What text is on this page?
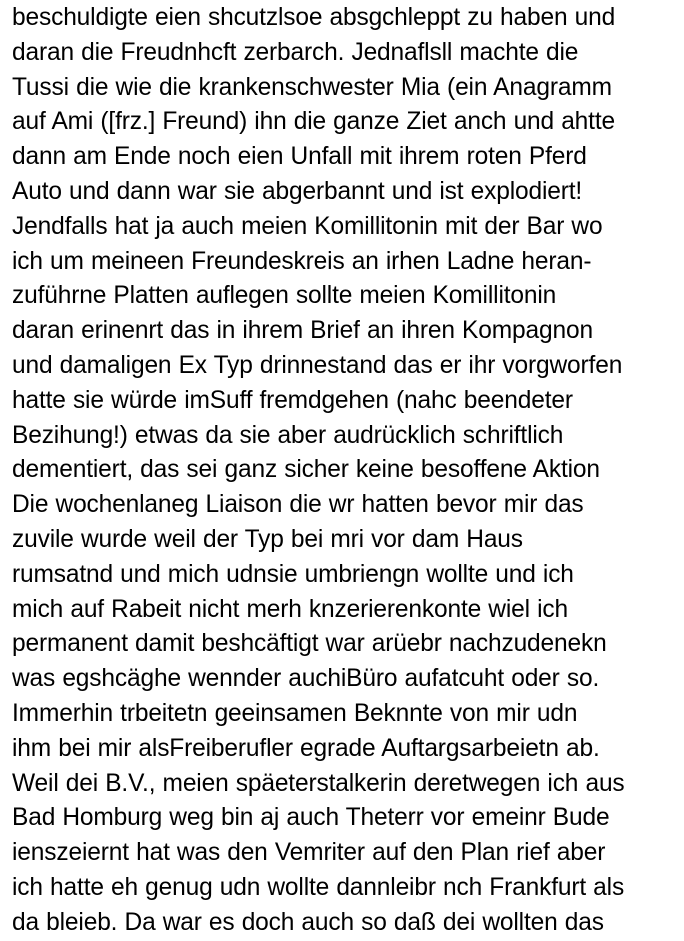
beschuldigte eien shcutzlsoe absgchleppt zu haben und
daran die Freudnhcft zerbarch. Jednaflsll machte die
Tussi die wie die krankenschwester Mia (ein Anagramm
auf Ami ([frz.] Freund) ihn die ganze Ziet anch und ahtte
dann am Ende noch eien Unfall mit ihrem roten Pferd
Auto und dann war sie abgerbannt und ist explodiert!
Jendfalls hat ja auch meien Komillitonin mit der Bar wo
ich um meineen Freundeskreis an irhen Ladne heran-
zuführne Platten auflegen sollte meien Komillitonin
daran erinenrt das in ihrem Brief an ihren Kompagnon
und damaligen Ex Typ drinnestand das er ihr vorgworfen
hatte sie würde imSuff fremdgehen (nahc beendeter
Bezihung!) etwas da sie aber audrücklich schriftlich
dementiert, das sei ganz sicher keine besoffene Aktion
Die wochenlaneg Liaison die wr hatten bevor mir das
zuvile wurde weil der Typ bei mri vor dam Haus
rumsatnd und mich udnsie umbriengn wollte und ich
mich auf Rabeit nicht merh knzerierenkonte wiel ich
permanent damit beshcäftigt war arüebr nachzudenekn
was egshcäghe wennder auchiBüro aufatcuht oder so.
Immerhin trbeitetn geeinsamen Beknnte von mir udn
ihm bei mir alsFreiberufler egrade Auftargsarbeietn ab.
Weil dei B.V., meien späeterstalkerin deretwegen ich aus
Bad Homburg weg bin aj auch Theterr vor emeinr Bude
ienszeiernt hat was den Vemriter auf den Plan rief aber
ich hatte eh genug udn wollte dannleibr nch Frankfurt als
da bleieb. Da war es doch auch so daß dei wollten das
